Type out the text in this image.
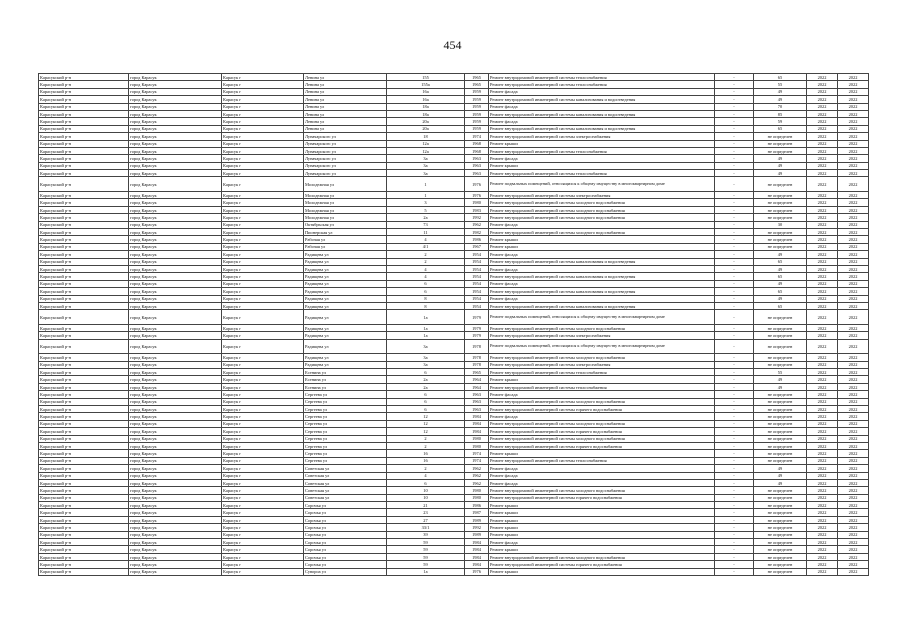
454
Карасукский р-н	город Карасук	Карасук г	Ленина ул	155	1965	Ремонт внутридомовой инженерной системы теплоснабжения	-	65	2022	2022
Карасукский р-н	город Карасук	Карасук г	Ленина ул	155а	1965	Ремонт внутридомовой инженерной системы теплоснабжения	-	55	2022	2022
Карасукский р-н	город Карасук	Карасук г	Ленина ул	16а	1959	Ремонт фасада	-	49	2022	2022
Карасукский р-н	город Карасук	Карасук г	Ленина ул	16а	1959	Ремонт внутридомовой инженерной системы канализования и водоотведения	-	49	2022	2022
Карасукский р-н	город Карасук	Карасук г	Ленина ул	18а	1959	Ремонт фасада	-	70	2022	2022
Карасукский р-н	город Карасук	Карасук г	Ленина ул	18а	1959	Ремонт внутридомовой инженерной системы канализования и водоотведения	-	85	2022	2022
Карасукский р-н	город Карасук	Карасук г	Ленина ул	20а	1959	Ремонт фасада	-	59	2022	2022
Карасукский р-н	город Карасук	Карасук г	Ленина ул	20а	1959	Ремонт внутридомовой инженерной системы канализования и водоотведения	-	65	2022	2022
Карасукский р-н	город Карасук	Карасук г	Луначарского ул	18	1974	Ремонт внутридомовой инженерной системы электроснабжения	-	не определен	2022	2022
Карасукский р-н	город Карасук	Карасук г	Луначарского ул	12а	1968	Ремонт крыши	-	не определен	2022	2022
Карасукский р-н	город Карасук	Карасук г	Луначарского ул	12а	1968	Ремонт внутридомовой инженерной системы теплоснабжения	-	не определен	2022	2022
Карасукский р-н	город Карасук	Карасук г	Луначарского ул	3а	1963	Ремонт фасада	-	49	2022	2022
Карасукский р-н	город Карасук	Карасук г	Луначарского ул	3а	1963	Ремонт крыши	-	49	2022	2022
Карасукский р-н	город Карасук	Карасук г	Луначарского ул	3а	1963	Ремонт внутридомовой инженерной системы теплоснабжения	-	49	2022	2022
Карасукский р-н	город Карасук	Карасук г	Молодежная ул	1	1976	Ремонт подвальных помещений, относящихся к общему имуществу в многоквартирном доме	-	не определен	2022	2022
Карасукский р-н	город Карасук	Карасук г	Молодежная ул	1	1976	Ремонт внутридомовой инженерной системы электроснабжения	-	не определен	2022	2022
Карасукский р-н	город Карасук	Карасук г	Молодежная ул	3	1980	Ремонт внутридомовой инженерной системы холодного водоснабжения	-	не определен	2022	2022
Карасукский р-н	город Карасук	Карасук г	Молодежная ул	5	1983	Ремонт внутридомовой инженерной системы холодного водоснабжения	-	не определен	2022	2022
Карасукский р-н	город Карасук	Карасук г	Молодежная ул	2а	1992	Ремонт внутридомовой инженерной системы холодного водоснабжения	-	не определен	2022	2022
Карасукский р-н	город Карасук	Карасук г	Октябрьская ул	73	1962	Ремонт фасада	-	30	2022	2022
Карасукский р-н	город Карасук	Карасук г	Пионерская ул	11	1982	Ремонт внутридомовой инженерной системы холодного водоснабжения	-	не определен	2022	2022
Карасукский р-н	город Карасук	Карасук г	Рабочая ул	4	1986	Ремонт крыши	-	не определен	2022	2022
Карасукский р-н	город Карасук	Карасук г	Рабочая ул	4/1	1967	Ремонт крыши	-	не определен	2022	2022
Карасукский р-н	город Карасук	Карасук г	Радищева ул	2	1954	Ремонт фасада	-	49	2022	2022
Карасукский р-н	город Карасук	Карасук г	Радищева ул	2	1954	Ремонт внутридомовой инженерной системы канализования и водоотведения	-	65	2022	2022
Карасукский р-н	город Карасук	Карасук г	Радищева ул	4	1954	Ремонт фасада	-	49	2022	2022
Карасукский р-н	город Карасук	Карасук г	Радищева ул	4	1954	Ремонт внутридомовой инженерной системы канализования и водоотведения	-	65	2022	2022
Карасукский р-н	город Карасук	Карасук г	Радищева ул	6	1954	Ремонт фасада	-	49	2022	2022
Карасукский р-н	город Карасук	Карасук г	Радищева ул	6	1954	Ремонт внутридомовой инженерной системы канализования и водоотведения	-	65	2022	2022
Карасукский р-н	город Карасук	Карасук г	Радищева ул	8	1954	Ремонт фасада	-	49	2022	2022
Карасукский р-н	город Карасук	Карасук г	Радищева ул	8	1954	Ремонт внутридомовой инженерной системы канализования и водоотведения	-	65	2022	2022
Карасукский р-н	город Карасук	Карасук г	Радищева ул	1а	1979	Ремонт подвальных помещений, относящихся к общему имуществу в многоквартирном доме	-	не определен	2022	2022
Карасукский р-н	город Карасук	Карасук г	Радищева ул	1а	1979	Ремонт внутридомовой инженерной системы холодного водоснабжения	-	не определен	2022	2022
Карасукский р-н	город Карасук	Карасук г	Радищева ул	1а	1979	Ремонт внутридомовой инженерной системы электроснабжения	-	не определен	2022	2022
Карасукский р-н	город Карасук	Карасук г	Радищева ул	3а	1978	Ремонт подвальных помещений, относящихся к общему имуществу в многоквартирном доме	-	не определен	2022	2022
Карасукский р-н	город Карасук	Карасук г	Радищева ул	3а	1978	Ремонт внутридомовой инженерной системы холодного водоснабжения	-	не определен	2022	2022
Карасукский р-н	город Карасук	Карасук г	Радищева ул	3а	1978	Ремонт внутридомовой инженерной системы электроснабжения	-	не определен	2022	2022
Карасукский р-н	город Карасук	Карасук г	Есенина ул	6	1965	Ремонт внутридомовой инженерной системы теплоснабжения	-	55	2022	2022
Карасукский р-н	город Карасук	Карасук г	Есенина ул	2а	1964	Ремонт крыши	-	49	2022	2022
Карасукский р-н	город Карасук	Карасук г	Есенина ул	2а	1964	Ремонт внутридомовой инженерной системы теплоснабжения	-	49	2022	2022
Карасукский р-н	город Карасук	Карасук г	Сергеева ул	6	1963	Ремонт фасада	-	не определен	2022	2022
Карасукский р-н	город Карасук	Карасук г	Сергеева ул	6	1963	Ремонт внутридомовой инженерной системы холодного водоснабжения	-	не определен	2022	2022
Карасукский р-н	город Карасук	Карасук г	Сергеева ул	6	1963	Ремонт внутридомовой инженерной системы горячего водоснабжения	-	не определен	2022	2022
Карасукский р-н	город Карасук	Карасук г	Сергеева ул	12	1984	Ремонт фасада	-	не определен	2022	2022
Карасукский р-н	город Карасук	Карасук г	Сергеева ул	12	1984	Ремонт внутридомовой инженерной системы холодного водоснабжения	-	не определен	2022	2022
Карасукский р-н	город Карасук	Карасук г	Сергеева ул	12	1984	Ремонт внутридомовой инженерной системы горячего водоснабжения	-	не определен	2022	2022
Карасукский р-н	город Карасук	Карасук г	Сергеева ул	2	1980	Ремонт внутридомовой инженерной системы холодного водоснабжения	-	не определен	2022	2022
Карасукский р-н	город Карасук	Карасук г	Сергеева ул	2	1980	Ремонт внутридомовой инженерной системы горячего водоснабжения	-	не определен	2022	2022
Карасукский р-н	город Карасук	Карасук г	Сергеева ул	16	1974	Ремонт крыши	-	не определен	2022	2022
Карасукский р-н	город Карасук	Карасук г	Сергеева ул	16	1974	Ремонт внутридомовой инженерной системы теплоснабжения	-	не определен	2022	2022
Карасукский р-н	город Карасук	Карасук г	Советская ул	2	1962	Ремонт фасада	-	49	2022	2022
Карасукский р-н	город Карасук	Карасук г	Советская ул	4	1962	Ремонт фасада	-	49	2022	2022
Карасукский р-н	город Карасук	Карасук г	Советская ул	6	1962	Ремонт фасада	-	49	2022	2022
Карасукский р-н	город Карасук	Карасук г	Советская ул	10	1980	Ремонт внутридомовой инженерной системы холодного водоснабжения	-	не определен	2022	2022
Карасукский р-н	город Карасук	Карасук г	Советская ул	10	1980	Ремонт внутридомовой инженерной системы горячего водоснабжения	-	не определен	2022	2022
Карасукский р-н	город Карасук	Карасук г	Сорочья ул	21	1986	Ремонт крыши	-	не определен	2022	2022
Карасукский р-н	город Карасук	Карасук г	Сорочья ул	23	1987	Ремонт крыши	-	не определен	2022	2022
Карасукский р-н	город Карасук	Карасук г	Сорочья ул	27	1989	Ремонт крыши	-	не определен	2022	2022
Карасукский р-н	город Карасук	Карасук г	Сорочья ул	33/1	1992	Ремонт крыши	-	не определен	2022	2022
Карасукский р-н	город Карасук	Карасук г	Сорочья ул	39	1989	Ремонт крыши	-	не определен	2022	2022
Карасукский р-н	город Карасук	Карасук г	Сорочья ул	59	1984	Ремонт фасада	-	не определен	2022	2022
Карасукский р-н	город Карасук	Карасук г	Сорочья ул	59	1984	Ремонт крыши	-	не определен	2022	2022
Карасукский р-н	город Карасук	Карасук г	Сорочья ул	59	1984	Ремонт внутридомовой инженерной системы холодного водоснабжения	-	не определен	2022	2022
Карасукский р-н	город Карасук	Карасук г	Сорочья ул	59	1984	Ремонт внутридомовой инженерной системы горячего водоснабжения	-	не определен	2022	2022
Карасукский р-н	город Карасук	Карасук г	Сувороа ул	1а	1976	Ремонт крыши	-	не определен	2022	2022
